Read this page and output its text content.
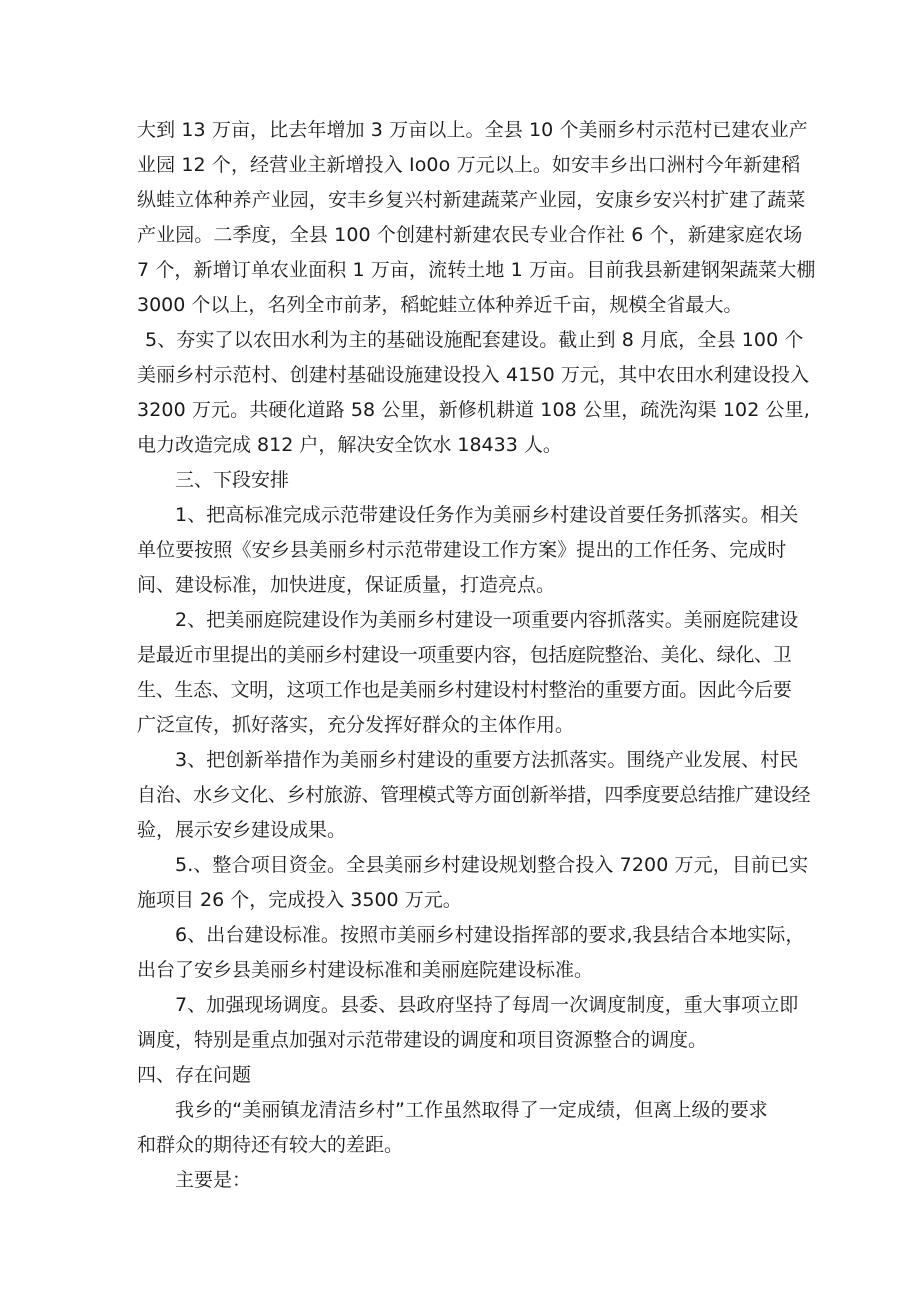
大到 13 万亩，比去年增加 3 万亩以上。全县 10 个美丽乡村示范村已建农业产
业园 12 个，经营业主新增投入 Io0o 万元以上。如安丰乡出口洲村今年新建稻
纵蛙立体种养产业园，安丰乡复兴村新建蔬菜产业园，安康乡安兴村扩建了蔬菜
产业园。二季度，全县 100 个创建村新建农民专业合作社 6 个，新建家庭农场
7 个，新增订单农业面积 1 万亩，流转土地 1 万亩。目前我县新建钢架蔬菜大棚
3000 个以上，名列全市前茅，稻蛇蛙立体种养近千亩，规模全省最大。
5、夯实了以农田水利为主的基础设施配套建设。截止到 8 月底，全县 100 个
美丽乡村示范村、创建村基础设施建设投入 4150 万元，其中农田水利建设投入
3200 万元。共硬化道路 58 公里，新修机耕道 108 公里，疏洗沟渠 102 公里,
电力改造完成 812 户，解决安全饮水 18433 人。
三、下段安排
1、把高标准完成示范带建设任务作为美丽乡村建设首要任务抓落实。相关
单位要按照《安乡县美丽乡村示范带建设工作方案》提出的工作任务、完成时
间、建设标准，加快进度，保证质量，打造亮点。
2、把美丽庭院建设作为美丽乡村建设一项重要内容抓落实。美丽庭院建设
是最近市里提出的美丽乡村建设一项重要内容，包括庭院整治、美化、绿化、卫
生、生态、文明，这项工作也是美丽乡村建设村村整治的重要方面。因此今后要
广泛宣传，抓好落实，充分发挥好群众的主体作用。
3、把创新举措作为美丽乡村建设的重要方法抓落实。围绕产业发展、村民
自治、水乡文化、乡村旅游、管理模式等方面创新举措，四季度要总结推广建设经
验，展示安乡建设成果。
5.、整合项目资金。全县美丽乡村建设规划整合投入 7200 万元，目前已实
施项目 26 个，完成投入 3500 万元。
6、出台建设标准。按照市美丽乡村建设指挥部的要求,我县结合本地实际，
出台了安乡县美丽乡村建设标准和美丽庭院建设标准。
7、加强现场调度。县委、县政府坚持了每周一次调度制度，重大事项立即
调度，特别是重点加强对示范带建设的调度和项目资源整合的调度。
四、存在问题
我乡的“美丽镇龙清洁乡村”工作虽然取得了一定成绩，但离上级的要求
和群众的期待还有较大的差距。
主要是：
